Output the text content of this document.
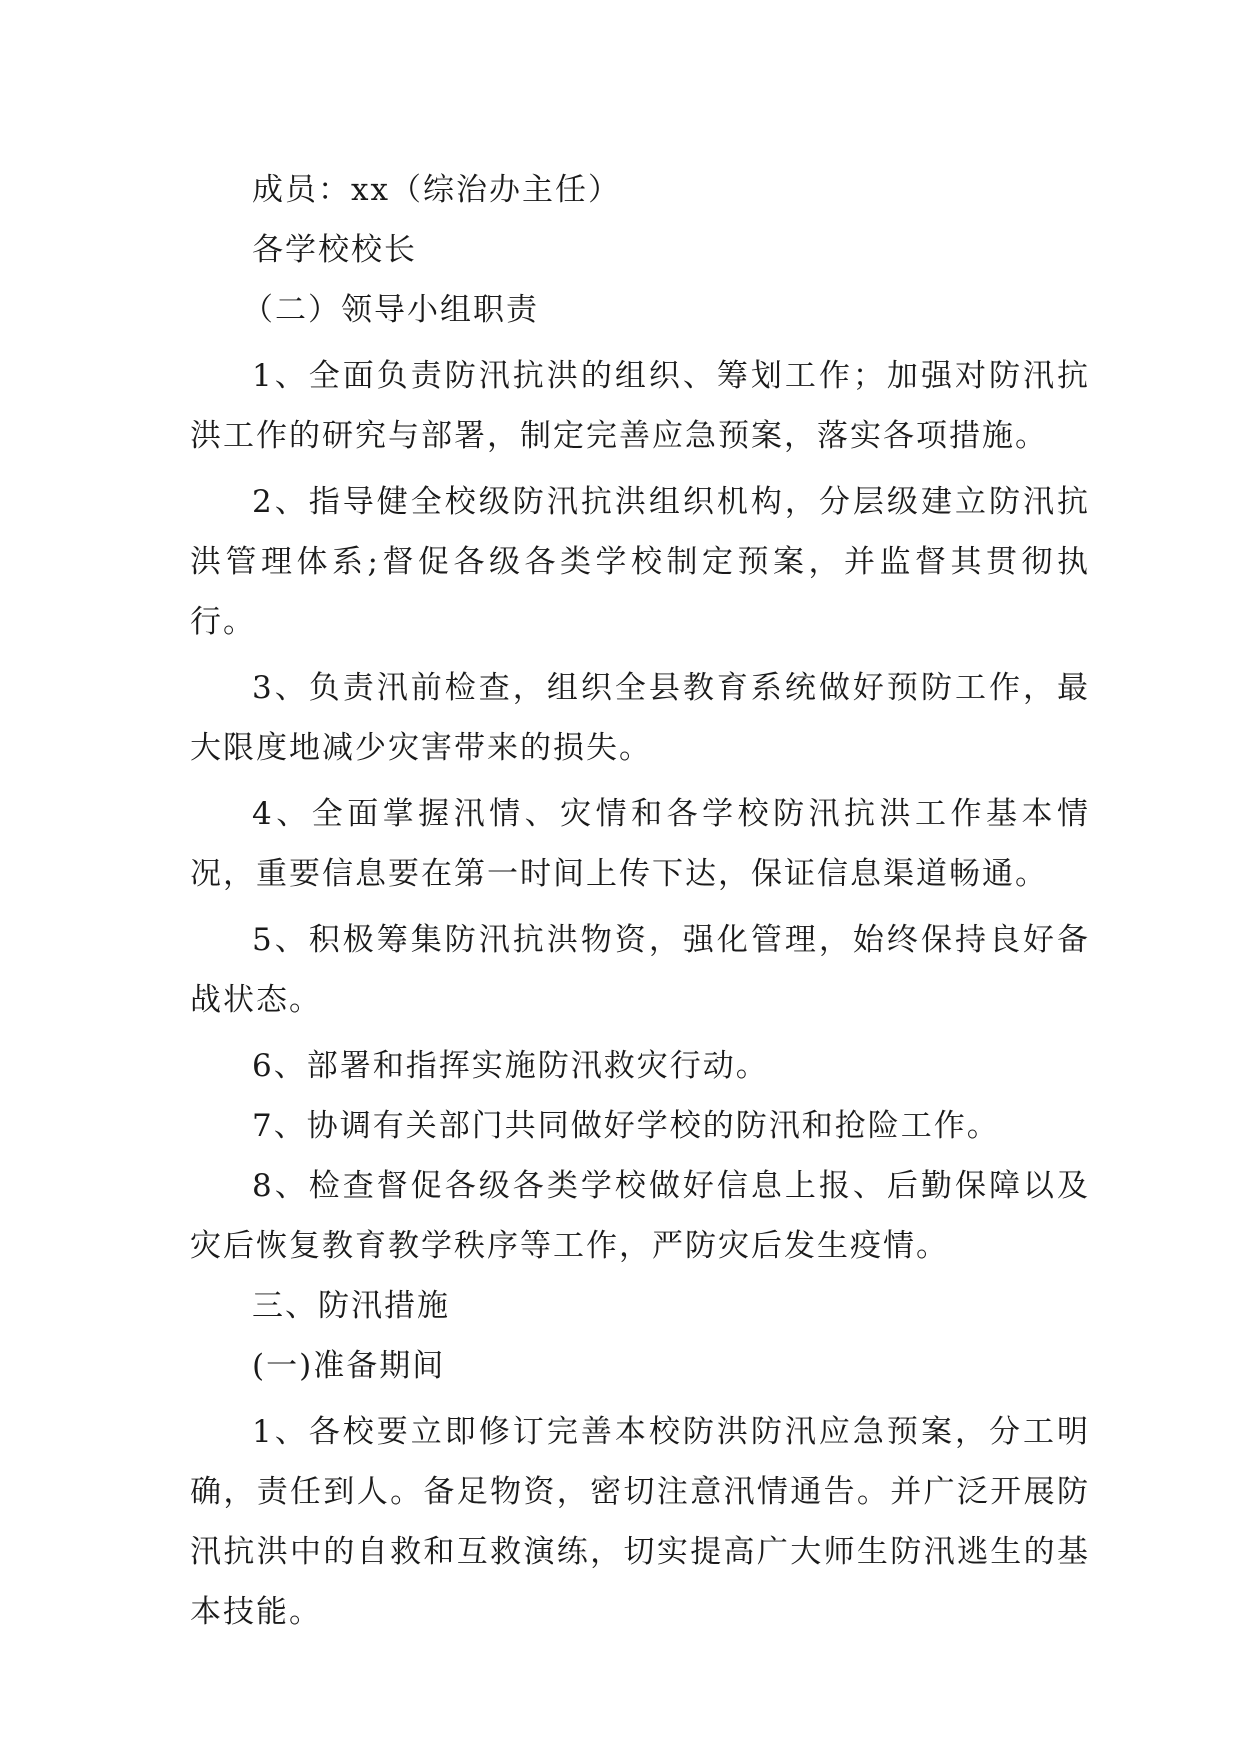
成员：xx（综治办主任）

各学校校长

（二）领导小组职责

1、全面负责防汛抗洪的组织、筹划工作；加强对防汛抗洪工作的研究与部署，制定完善应急预案，落实各项措施。

2、指导健全校级防汛抗洪组织机构，分层级建立防汛抗洪管理体系;督促各级各类学校制定预案，并监督其贯彻执行。

3、负责汛前检查，组织全县教育系统做好预防工作，最大限度地减少灾害带来的损失。

4、全面掌握汛情、灾情和各学校防汛抗洪工作基本情况，重要信息要在第一时间上传下达，保证信息渠道畅通。

5、积极筹集防汛抗洪物资，强化管理，始终保持良好备战状态。

6、部署和指挥实施防汛救灾行动。

7、协调有关部门共同做好学校的防汛和抢险工作。

8、检查督促各级各类学校做好信息上报、后勤保障以及灾后恢复教育教学秩序等工作，严防灾后发生疫情。

三、防汛措施

(一)准备期间

1、各校要立即修订完善本校防洪防汛应急预案，分工明确，责任到人。备足物资，密切注意汛情通告。并广泛开展防汛抗洪中的自救和互救演练，切实提高广大师生防汛逃生的基本技能。
